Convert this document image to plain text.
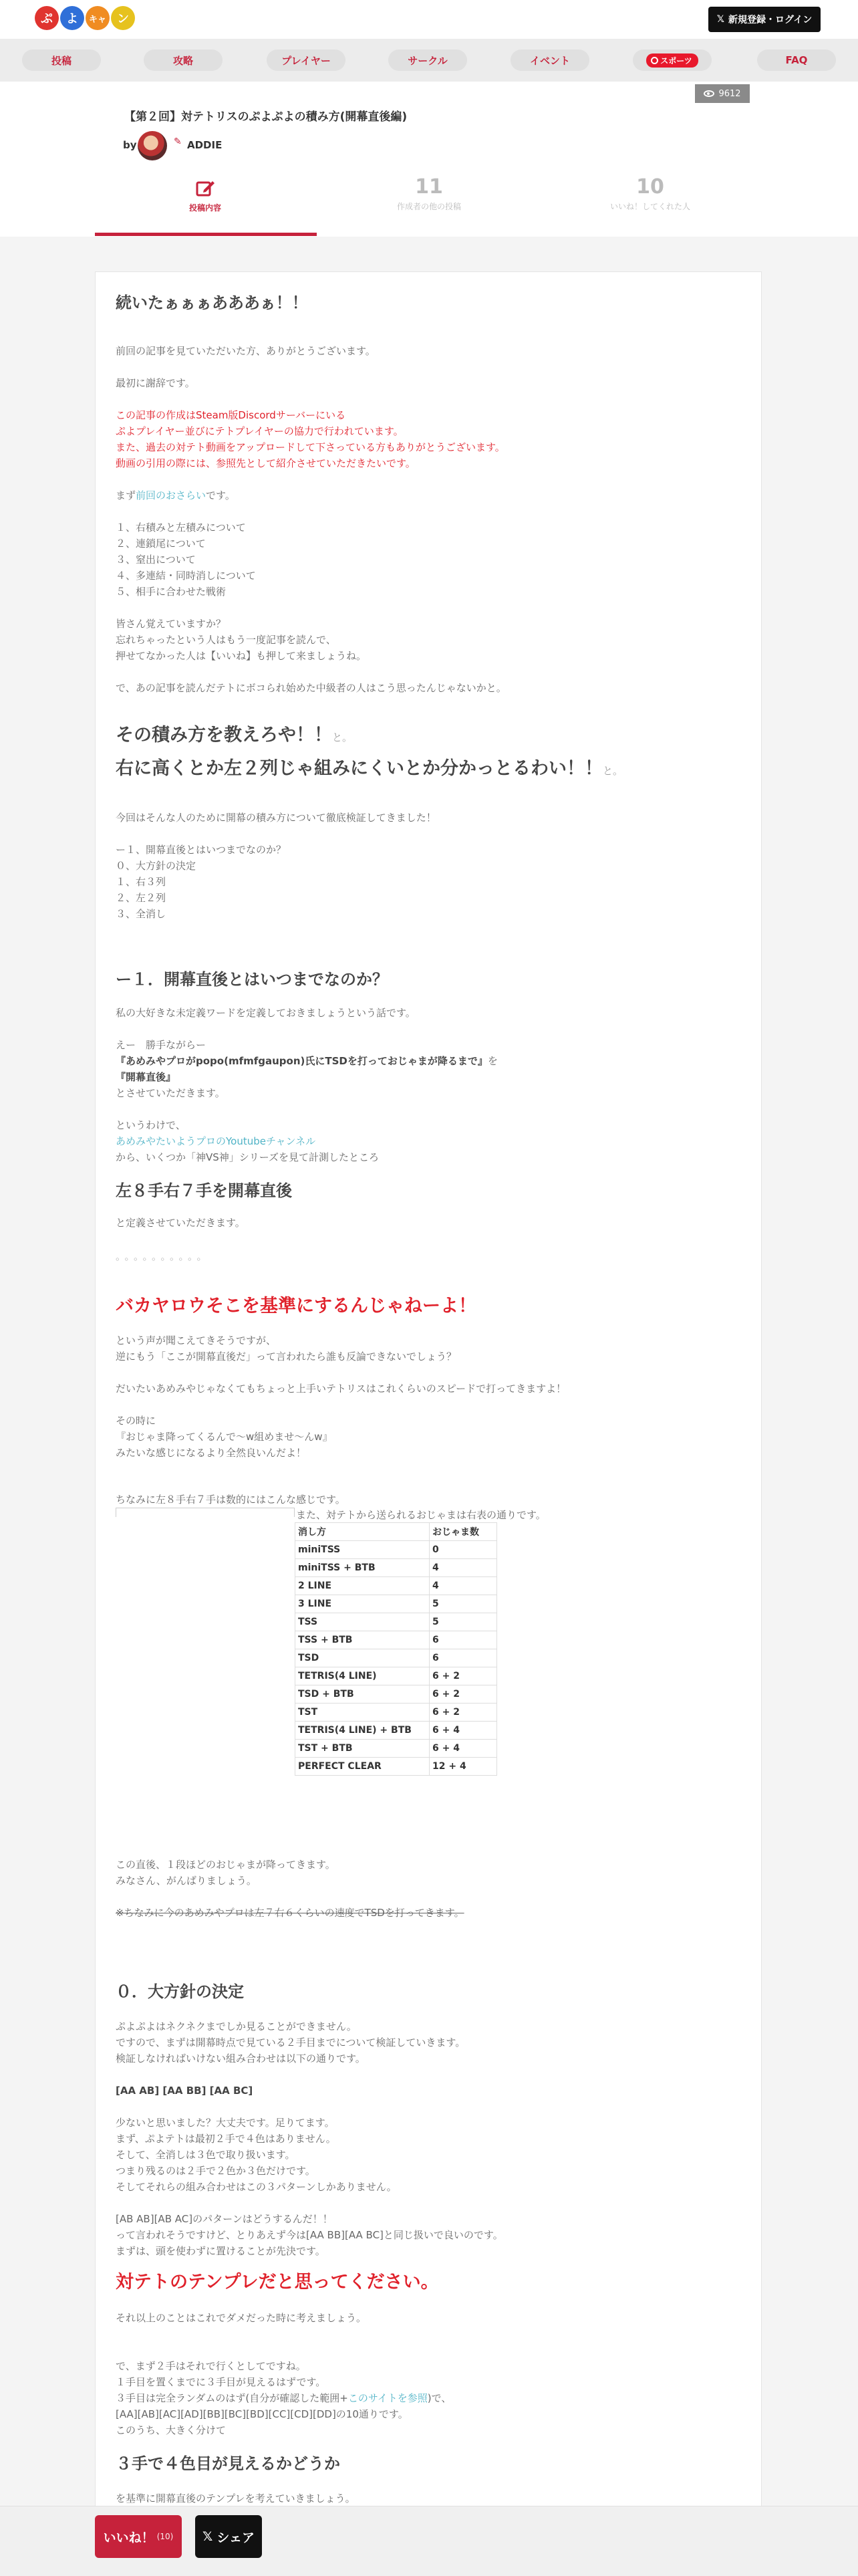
ぷ	よ	キャ ン	𝕏 新規登録・ログイン
投稿	攻略	プレイヤー	サークル	イベント	スポーツ	FAQ
9612
【第２回】対テトリスのぷよぷよの積み方(開幕直後編)
by	✎ ADDIE
投稿内容
11
作成者の他の投稿
10
いいね！してくれた人
続いたぁぁぁあああぁ！！
前回の記事を見ていただいた方、ありがとうございます。
最初に謝辞です。
この記事の作成はSteam版Discordサーバーにいる
ぷよプレイヤー並びにテトプレイヤーの協力で行われています。
また、過去の対テト動画をアップロードして下さっている方もありがとうございます。
動画の引用の際には、参照先として紹介させていただきたいです。
まず前回のおさらいです。
１、右積みと左積みについて
２、連鎖尾について
３、窒出について
４、多連結・同時消しについて
５、相手に合わせた戦術
皆さん覚えていますか？
忘れちゃったという人はもう一度記事を読んで、
押せてなかった人は【いいね】も押して来ましょうね。
で、あの記事を読んだテトにボコられ始めた中級者の人はこう思ったんじゃないかと。
その積み方を教えろや！！と。
右に高くとか左２列じゃ組みにくいとか分かっとるわい！！と。
今回はそんな人のために開幕の積み方について徹底検証してきました！
ー１、開幕直後とはいつまでなのか？
０、大方針の決定
１、右３列
２、左２列
３、全消し
ー１．開幕直後とはいつまでなのか？
私の大好きな未定義ワードを定義しておきましょうという話です。
えー　勝手ながらー
『あめみやプロがpopo(mfmfgaupon)氏にTSDを打っておじゃまが降るまで』を
『開幕直後』
とさせていただきます。
というわけで、
あめみやたいようプロのYoutubeチャンネル
から、いくつか「神VS神」シリーズを見て計測したところ
左８手右７手を開幕直後
と定義させていただきます。
。。。。。。。。。。
バカヤロウそこを基準にするんじゃねーよ！
という声が聞こえてきそうですが、
逆にもう「ここが開幕直後だ」って言われたら誰も反論できないでしょう？
だいたいあめみやじゃなくてもちょっと上手いテトリスはこれくらいのスピードで打ってきますよ！
その時に
『おじゃま降ってくるんで〜w組めませ〜んw』
みたいな感じになるより全然良いんだよ！
ちなみに左８手右７手は数的にはこんな感じです。
また、対テトから送られるおじゃまは右表の通りです。
消し方	おじゃま数
miniTSS	0
miniTSS + BTB	4
2 LINE	4
3 LINE	5
TSS	5
TSS + BTB	6
TSD	6
TETRIS(4 LINE)	6 + 2
TSD + BTB	6 + 2
TST	6 + 2
TETRIS(4 LINE) + BTB	6 + 4
TST + BTB	6 + 4
PERFECT CLEAR	12 + 4
この直後、１段ほどのおじゃまが降ってきます。
みなさん、がんばりましょう。
※ちなみに今のあめみやプロは左７右６くらいの速度でTSDを打ってきます。
０．大方針の決定
ぷよぷよはネクネクまでしか見ることができません。
ですので、まずは開幕時点で見ている２手目までについて検証していきます。
検証しなければいけない組み合わせは以下の通りです。
[AA AB] [AA BB] [AA BC]
少ないと思いました？大丈夫です。足りてます。
まず、ぷよテトは最初２手で４色はありません。
そして、全消しは３色で取り扱います。
つまり残るのは２手で２色か３色だけです。
そしてそれらの組み合わせはこの３パターンしかありません。
[AB AB][AB AC]のパターンはどうするんだ！！
って言われそうですけど、とりあえず今は[AA BB][AA BC]と同じ扱いで良いのです。
まずは、頭を使わずに置けることが先決です。
対テトのテンプレだと思ってください。
それ以上のことはこれでダメだった時に考えましょう。
で、まず２手はそれで行くとしてですね。
１手目を置くまでに３手目が見えるはずです。
３手目は完全ランダムのはず(自分が確認した範囲+このサイトを参照)で、
[AA][AB][AC][AD][BB][BC][BD][CC][CD][DD]の10通りです。
このうち、大きく分けて
３手で４色目が見えるかどうか
を基準に開幕直後のテンプレを考えていきましょう。
いいね！ (10) 𝕏 シェア
